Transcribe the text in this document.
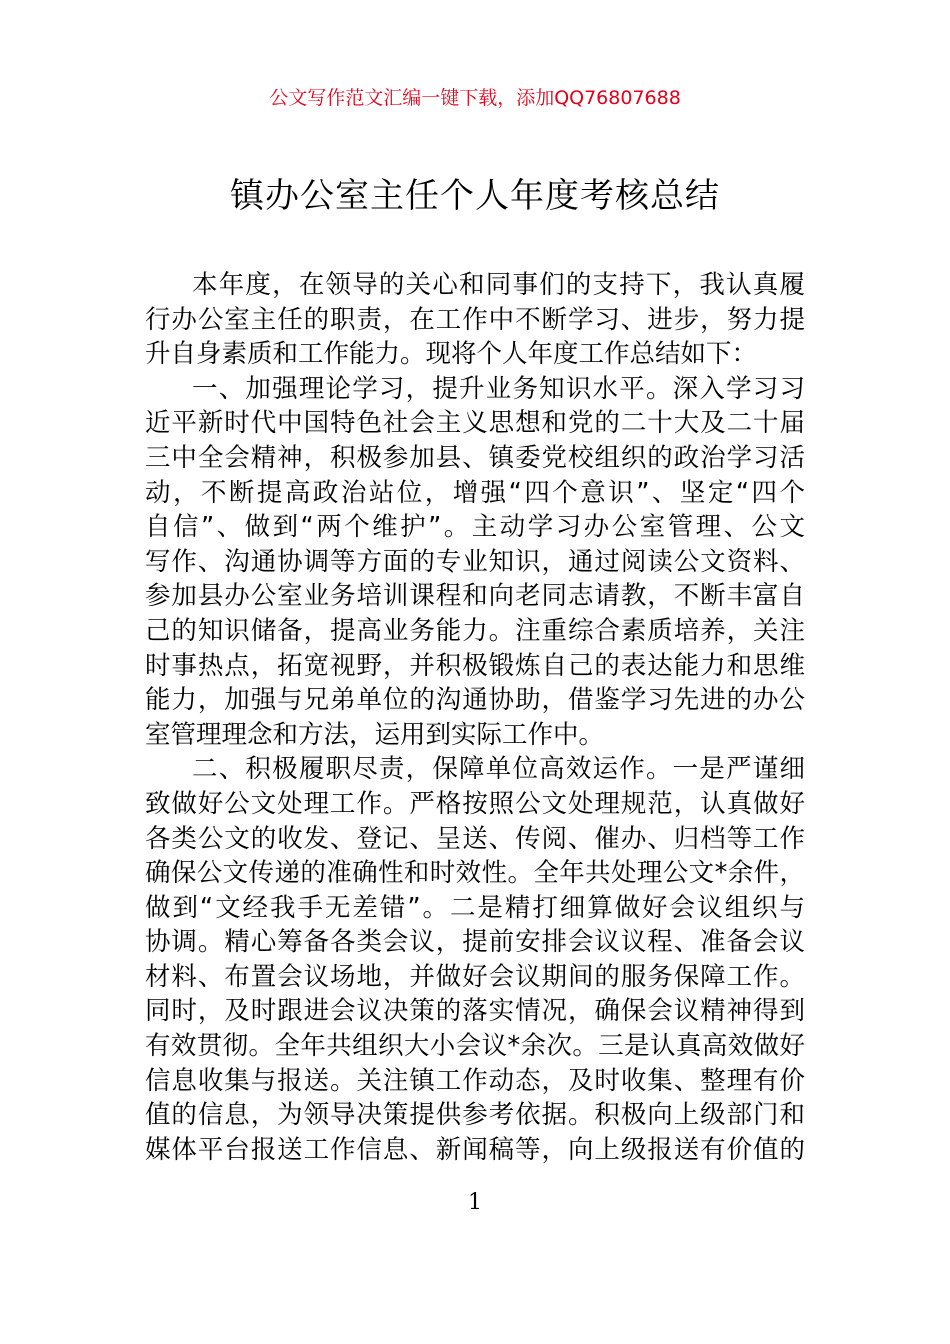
公文写作范文汇编一键下载，添加QQ76807688
镇办公室主任个人年度考核总结
本年度，在领导的关心和同事们的支持下，我认真履
行办公室主任的职责，在工作中不断学习、进步，努力提
升自身素质和工作能力。现将个人年度工作总结如下：
一、加强理论学习，提升业务知识水平。深入学习习
近平新时代中国特色社会主义思想和党的二十大及二十届
三中全会精神，积极参加县、镇委党校组织的政治学习活
动，不断提高政治站位，增强“四个意识”、坚定“四个
自信”、做到“两个维护”。主动学习办公室管理、公文
写作、沟通协调等方面的专业知识，通过阅读公文资料、
参加县办公室业务培训课程和向老同志请教，不断丰富自
己的知识储备，提高业务能力。注重综合素质培养，关注
时事热点，拓宽视野，并积极锻炼自己的表达能力和思维
能力，加强与兄弟单位的沟通协助，借鉴学习先进的办公
室管理理念和方法，运用到实际工作中。
二、积极履职尽责，保障单位高效运作。一是严谨细
致做好公文处理工作。严格按照公文处理规范，认真做好
各类公文的收发、登记、呈送、传阅、催办、归档等工作
确保公文传递的准确性和时效性。全年共处理公文*余件，
做到“文经我手无差错”。二是精打细算做好会议组织与
协调。精心筹备各类会议，提前安排会议议程、准备会议
材料、布置会议场地，并做好会议期间的服务保障工作。
同时，及时跟进会议决策的落实情况，确保会议精神得到
有效贯彻。全年共组织大小会议*余次。三是认真高效做好
信息收集与报送。关注镇工作动态，及时收集、整理有价
值的信息，为领导决策提供参考依据。积极向上级部门和
媒体平台报送工作信息、新闻稿等，向上级报送有价值的
1
